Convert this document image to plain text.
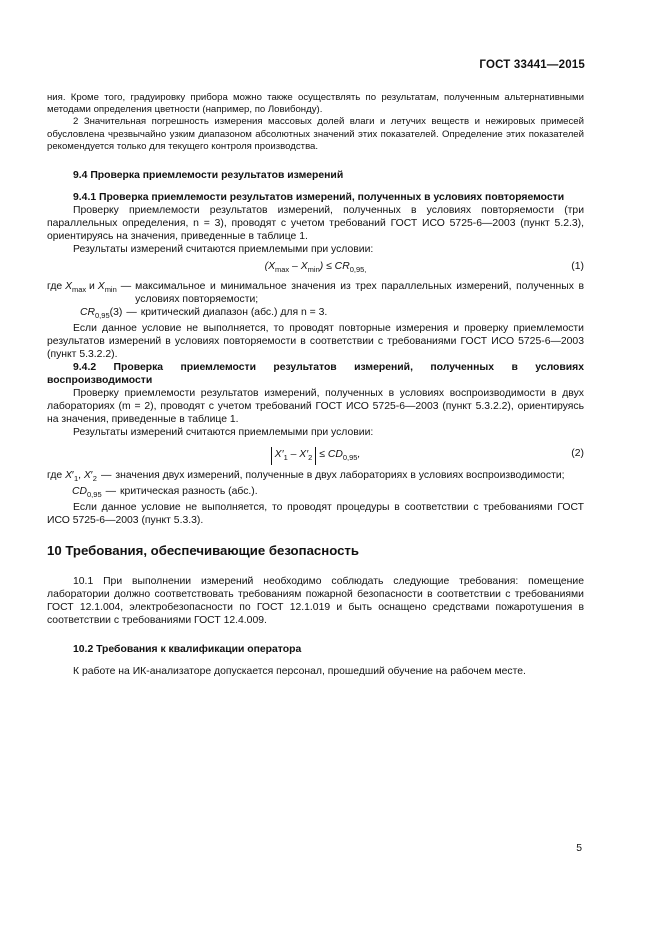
ГОСТ 33441—2015

ния. Кроме того, градуировку прибора можно также осуществлять по результатам, полученным альтернативными методами определения цветности (например, по Ловибонду).

2 Значительная погрешность измерения массовых долей влаги и летучих веществ и нежировых примесей обусловлена чрезвычайно узким диапазоном абсолютных значений этих показателей. Определение этих показателей рекомендуется только для текущего контроля производства.

9.4 Проверка приемлемости результатов измерений

9.4.1 Проверка приемлемости результатов измерений, полученных в условиях повторяемости

Проверку приемлемости результатов измерений, полученных в условиях повторяемости (три параллельных определения, n = 3), проводят с учетом требований ГОСТ ИСО 5725-6—2003 (пункт 5.2.3), ориентируясь на значения, приведенные в таблице 1.

Результаты измерений считаются приемлемыми при условии:

$(X_{max} - X_{min}) \le CR_{0,95,}$	(1)
где $X_{max}$ и $X_{min}$ — максимальное и минимальное значения из трех параллельных измерений, полученных в условиях повторяемости;
$CR_{0,95}(3)$ — критический диапазон (абс.) для n = 3.

Если данное условие не выполняется, то проводят повторные измерения и проверку приемлемости результатов измерений в условиях повторяемости в соответствии с требованиями ГОСТ ИСО 5725-6—2003 (пункт 5.3.2.2).

9.4.2 Проверка приемлемости результатов измерений, полученных в условиях воспроизводимости

Проверку приемлемости результатов измерений, полученных в условиях воспроизводимости в двух лабораториях (m = 2), проводят с учетом требований ГОСТ ИСО 5725-6—2003 (пункт 5.3.2.2), ориентируясь на значения, приведенные в таблице 1.

Результаты измерений считаются приемлемыми при условии:

$X'_1 - X'_2 \le CD_{0,95}$,	(2)
где $X'_1$, $X'_2$ — значения двух измерений, полученные в двух лабораториях в условиях воспроизводимости;
$CD_{0,95}$ — критическая разность (абс.).

Если данное условие не выполняется, то проводят процедуры в соответствии с требованиями ГОСТ ИСО 5725-6—2003 (пункт 5.3.3).

10 Требования, обеспечивающие безопасность

10.1 При выполнении измерений необходимо соблюдать следующие требования: помещение лаборатории должно соответствовать требованиям пожарной безопасности в соответствии с требованиями ГОСТ 12.1.004, электробезопасности по ГОСТ 12.1.019 и быть оснащено средствами пожаротушения в соответствии с требованиями ГОСТ 12.4.009.

10.2 Требования к квалификации оператора

К работе на ИК-анализаторе допускается персонал, прошедший обучение на рабочем месте.

5
